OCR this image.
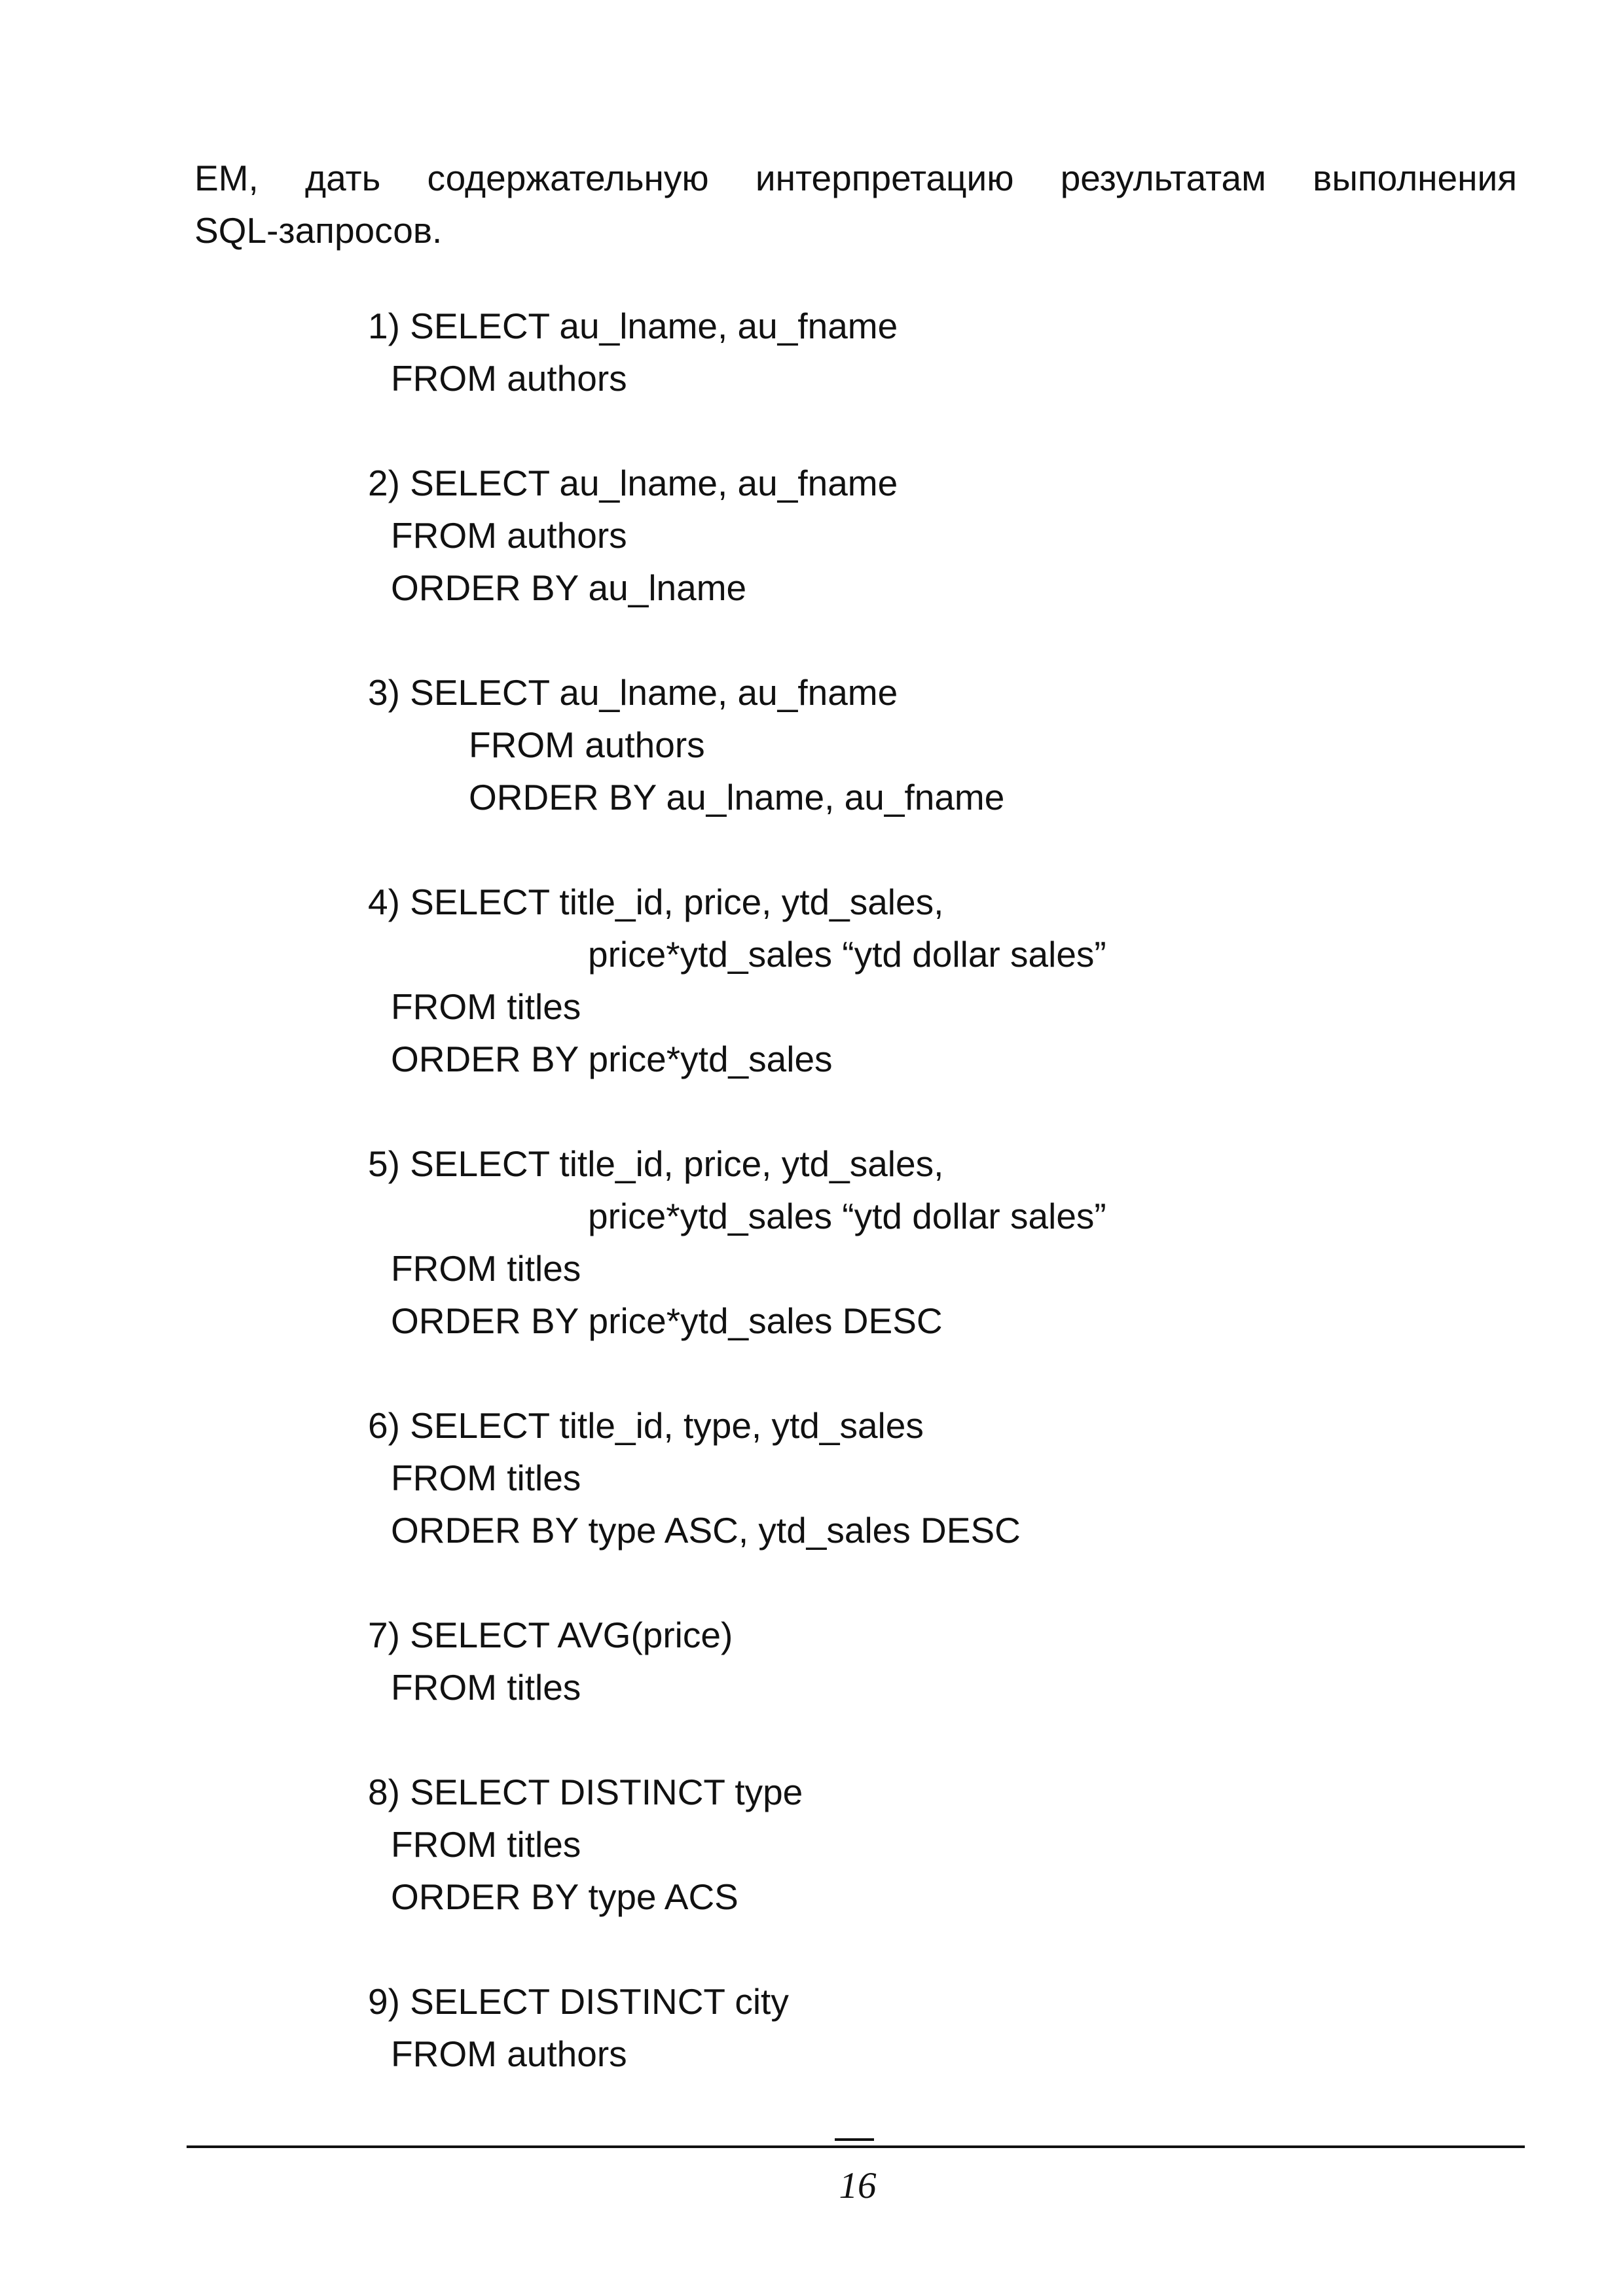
ЕМ, дать содержательную интерпретацию результатам выполнения
SQL-запросов.
1) SELECT au_lname, au_fname
FROM authors
2) SELECT au_lname, au_fname
FROM authors
ORDER BY au_lname
3) SELECT au_lname, au_fname
FROM authors
ORDER BY au_lname, au_fname
4) SELECT title_id, price, ytd_sales,
price*ytd_sales “ytd dollar sales”
FROM titles
ORDER BY price*ytd_sales
5) SELECT title_id, price, ytd_sales,
price*ytd_sales “ytd dollar sales”
FROM titles
ORDER BY price*ytd_sales DESC
6) SELECT title_id, type, ytd_sales
FROM titles
ORDER BY type ASC, ytd_sales DESC
7) SELECT AVG(price)
FROM titles
8) SELECT DISTINCT type
FROM titles
ORDER BY type ACS
9) SELECT DISTINCT city
FROM authors
16
